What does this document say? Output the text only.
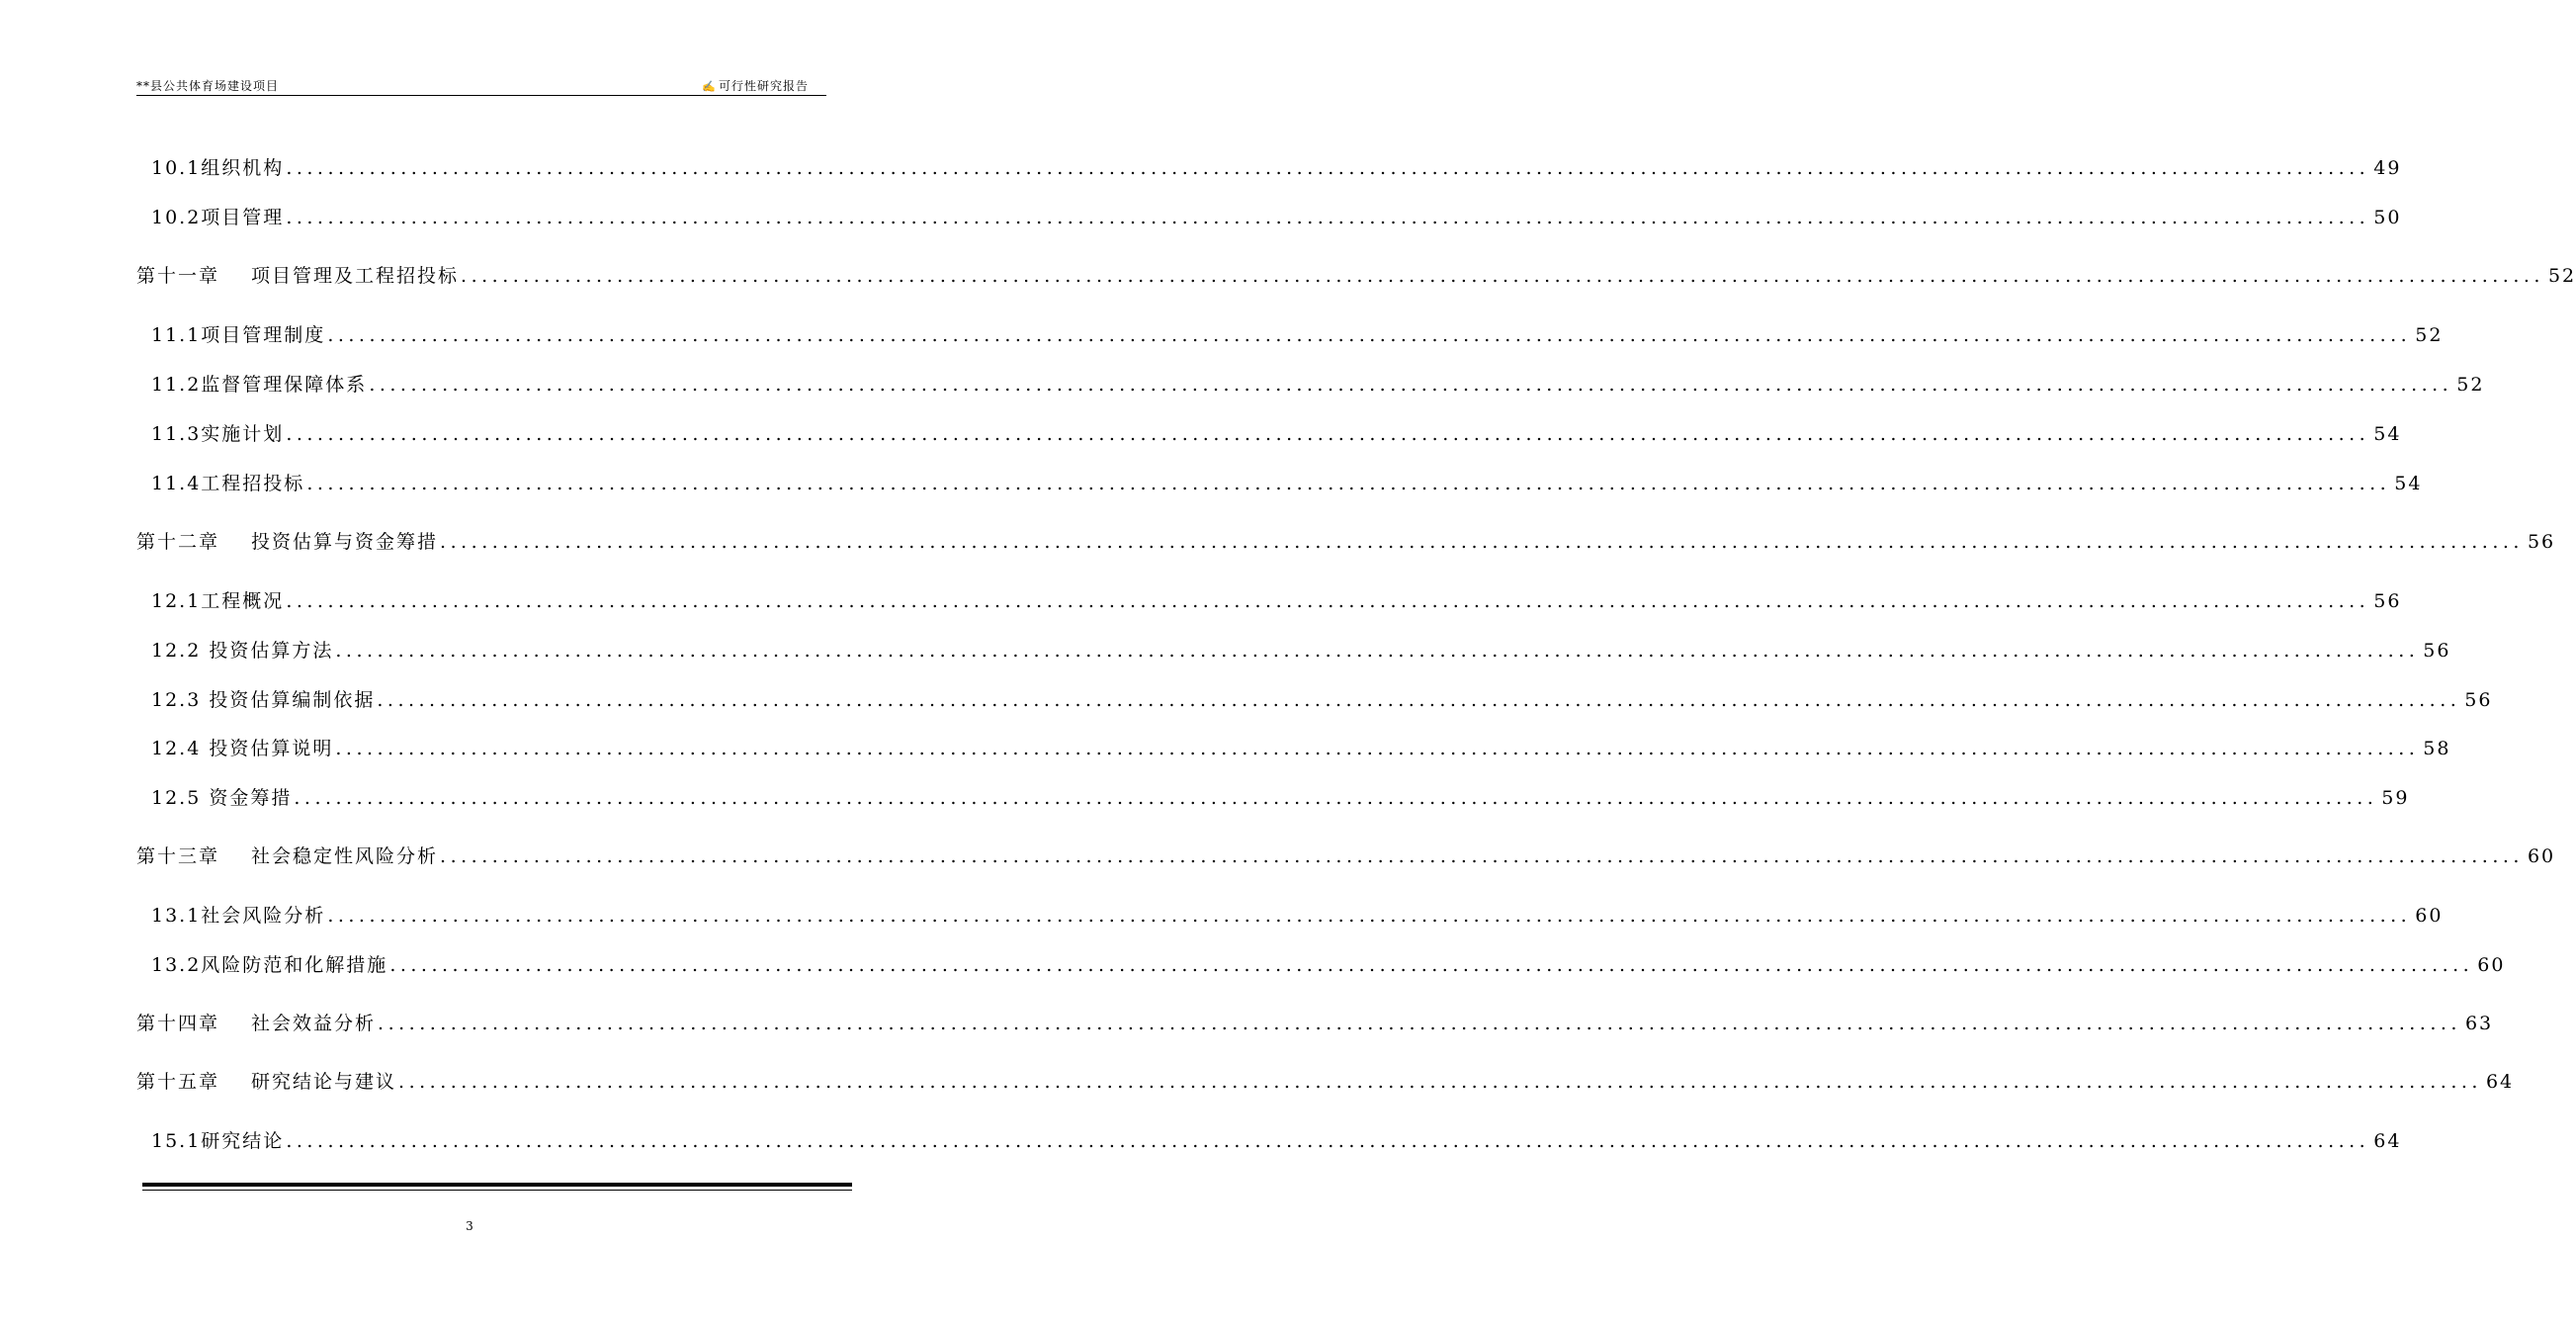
**县公共体育场建设项目	✍ 可行性研究报告
10.1组织机构 ........................................................................................................................................................................................................ 49
10.2项目管理 ........................................................................................................................................................................................................ 50
第十一章 项目管理及工程招投标 ........................................................................................................................................................................................................ 52
11.1项目管理制度 ........................................................................................................................................................................................................ 52
11.2监督管理保障体系 ........................................................................................................................................................................................................ 52
11.3实施计划 ........................................................................................................................................................................................................ 54
11.4工程招投标 ........................................................................................................................................................................................................ 54
第十二章 投资估算与资金筹措 ........................................................................................................................................................................................................ 56
12.1工程概况 ........................................................................................................................................................................................................ 56
12.2 投资估算方法 ........................................................................................................................................................................................................ 56
12.3 投资估算编制依据 ........................................................................................................................................................................................................ 56
12.4 投资估算说明 ........................................................................................................................................................................................................ 58
12.5 资金筹措 ........................................................................................................................................................................................................ 59
第十三章 社会稳定性风险分析 ........................................................................................................................................................................................................ 60
13.1社会风险分析 ........................................................................................................................................................................................................ 60
13.2风险防范和化解措施 ........................................................................................................................................................................................................ 60
第十四章 社会效益分析 ........................................................................................................................................................................................................ 63
第十五章 研究结论与建议 ........................................................................................................................................................................................................ 64
15.1研究结论 ........................................................................................................................................................................................................ 64
3
